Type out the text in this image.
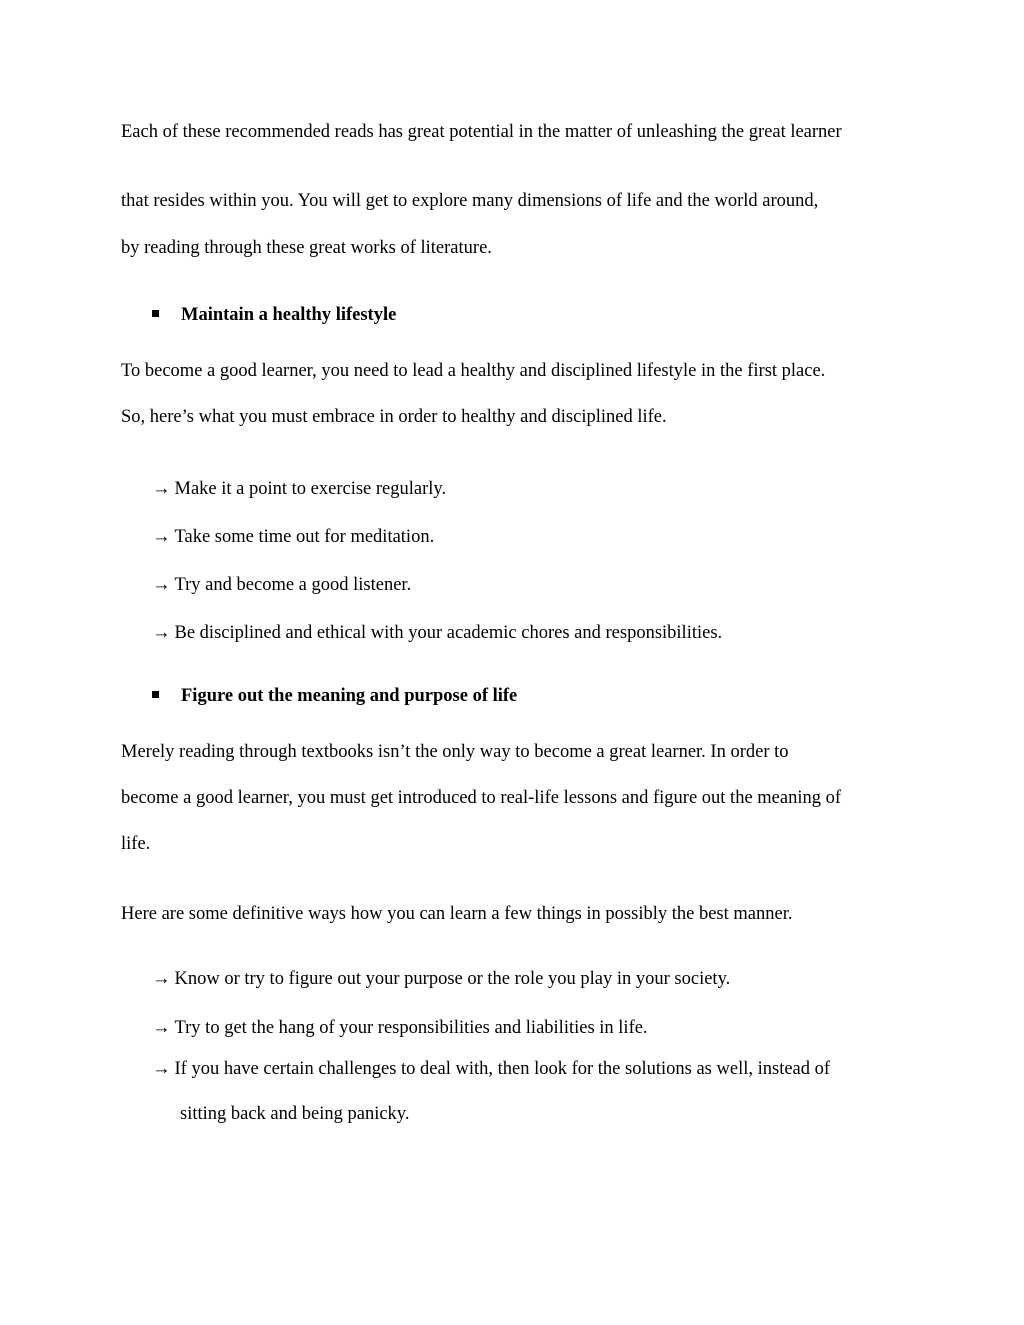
Each of these recommended reads has great potential in the matter of unleashing the great learner
that resides within you. You will get to explore many dimensions of life and the world around,
by reading through these great works of literature.
Maintain a healthy lifestyle
To become a good learner, you need to lead a healthy and disciplined lifestyle in the first place.
So, here’s what you must embrace in order to healthy and disciplined life.
→ Make it a point to exercise regularly.
→ Take some time out for meditation.
→ Try and become a good listener.
→ Be disciplined and ethical with your academic chores and responsibilities.
Figure out the meaning and purpose of life
Merely reading through textbooks isn’t the only way to become a great learner. In order to
become a good learner, you must get introduced to real-life lessons and figure out the meaning of
life.
Here are some definitive ways how you can learn a few things in possibly the best manner.
→ Know or try to figure out your purpose or the role you play in your society.
→ Try to get the hang of your responsibilities and liabilities in life.
→ If you have certain challenges to deal with, then look for the solutions as well, instead of
sitting back and being panicky.
